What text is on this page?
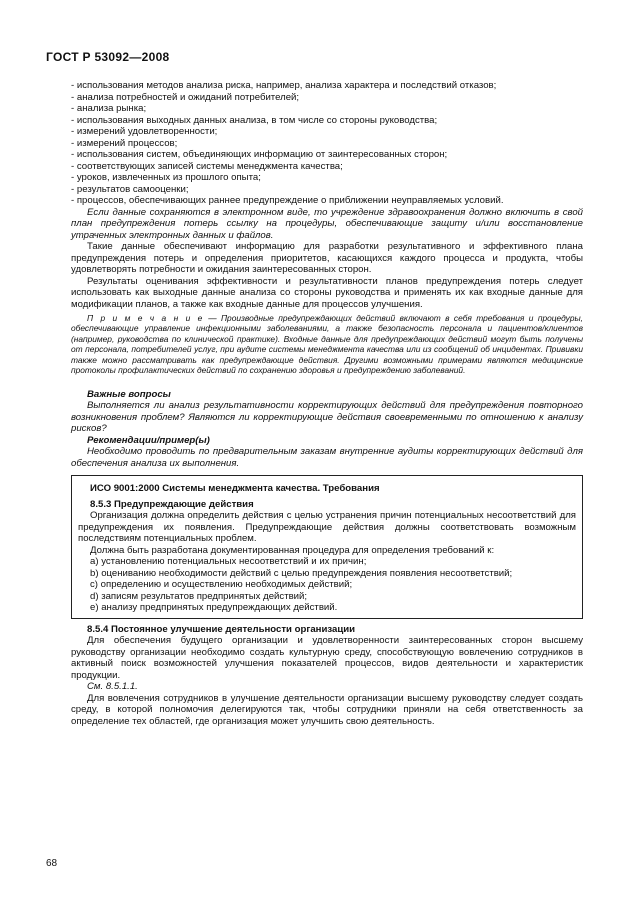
ГОСТ Р 53092—2008

- использования методов анализа риска, например, анализа характера и последствий отказов;

- анализа потребностей и ожиданий потребителей;

- анализа рынка;

- использования выходных данных анализа, в том числе со стороны руководства;

- измерений удовлетворенности;

- измерений процессов;

- использования систем, объединяющих информацию от заинтересованных сторон;

- соответствующих записей системы менеджмента качества;

- уроков, извлеченных из прошлого опыта;

- результатов самооценки;

- процессов, обеспечивающих раннее предупреждение о приближении неуправляемых условий.

Если данные сохраняются в электронном виде, то учреждение здравоохранения должно включить в свой план предупреждения потерь ссылку на процедуры, обеспечивающие защиту и/или восстановление утраченных электронных данных и файлов.

Такие данные обеспечивают информацию для разработки результативного и эффективного плана предупреждения потерь и определения приоритетов, касающихся каждого процесса и продукта, чтобы удовлетворять потребности и ожидания заинтересованных сторон.

Результаты оценивания эффективности и результативности планов предупреждения потерь следует использовать как выходные данные анализа со стороны руководства и применять их как входные данные для модификации планов, а также как входные данные для процессов улучшения.

П р и м е ч а н и е — Производные предупреждающих действий включают в себя требования и процедуры, обеспечивающие управление инфекционными заболеваниями, а также безопасность персонала и пациентов/клиентов (например, руководства по клинической практике). Входные данные для предупреждающих действий могут быть получены от персонала, потребителей услуг, при аудите системы менеджмента качества или из сообщений об инцидентах. Прививки также можно рассматривать как предупреждающие действия. Другими возможными примерами являются медицинские протоколы профилактических действий по сохранению здоровья и предупреждению заболеваний.

Важные вопросы

Выполняется ли анализ результативности корректирующих действий для предупреждения повторного возникновения проблем? Являются ли корректирующие действия своевременными по отношению к анализу рисков?

Рекомендации/пример(ы)

Необходимо проводить по предварительным заказам внутренние аудиты корректирующих действий для обеспечения анализа их выполнения.

ИСО 9001:2000 Системы менеджмента качества. Требования
8.5.3 Предупреждающие действия

Организация должна определить действия с целью устранения причин потенциальных несоответствий для предупреждения их появления. Предупреждающие действия должны соответствовать возможным последствиям потенциальных проблем.

Должна быть разработана документированная процедура для определения требований к:

а) установлению потенциальных несоответствий и их причин;

b) оцениванию необходимости действий с целью предупреждения появления несоответствий;

c) определению и осуществлению необходимых действий;

d) записям результатов предпринятых действий;

e) анализу предпринятых предупреждающих действий.

8.5.4 Постоянное улучшение деятельности организации

Для обеспечения будущего организации и удовлетворенности заинтересованных сторон высшему руководству организации необходимо создать культурную среду, способствующую вовлечению сотрудников в активный поиск возможностей улучшения показателей процессов, видов деятельности и характеристик продукции.

См. 8.5.1.1.

Для вовлечения сотрудников в улучшение деятельности организации высшему руководству следует создать среду, в которой полномочия делегируются так, чтобы сотрудники приняли на себя ответственность за определение тех областей, где организация может улучшить свою деятельность.

68
